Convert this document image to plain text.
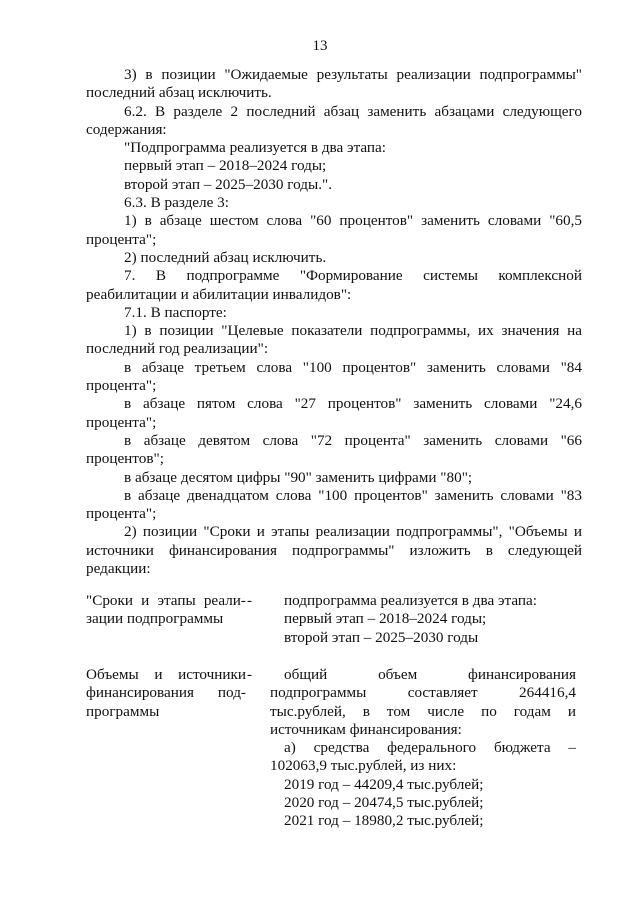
13

3) в позиции "Ожидаемые результаты реализации подпрограммы" последний абзац исключить.

6.2. В разделе 2 последний абзац заменить абзацами следующего содержания:

"Подпрограмма реализуется в два этапа:

первый этап – 2018–2024 годы;

второй этап – 2025–2030 годы.".

6.3. В разделе 3:

1) в абзаце шестом слова "60 процентов" заменить словами "60,5 процента";

2) последний абзац исключить.

7. В подпрограмме "Формирование системы комплексной реабилитации и абилитации инвалидов":

7.1. В паспорте:

1) в позиции "Целевые показатели подпрограммы, их значения на последний год реализации":

в абзаце третьем слова "100 процентов" заменить словами "84 процента";

в абзаце пятом слова "27 процентов" заменить словами "24,6 процента";

в абзаце девятом слова "72 процента" заменить словами "66 процентов";

в абзаце десятом цифры "90" заменить цифрами "80";

в абзаце двенадцатом слова "100 процентов" заменить словами "83 процента";

2) позиции "Сроки и этапы реализации подпрограммы", "Объемы и источники финансирования подпрограммы" изложить в следующей редакции:

"Сроки и этапы реали- зации подпрограммы
-	подпрограмма реализуется в два этапа:

первый этап – 2018–2024 годы;

второй этап – 2025–2030 годы

Объемы и источники финансирования под- программы
-	общий объем финансирования подпрограммы составляет 264416,4 тыс.рублей, в том числе по годам и источникам финансирования:

а) средства федерального бюджета – 102063,9 тыс.рублей, из них:

2019 год – 44209,4 тыс.рублей;

2020 год – 20474,5 тыс.рублей;

2021 год – 18980,2 тыс.рублей;
